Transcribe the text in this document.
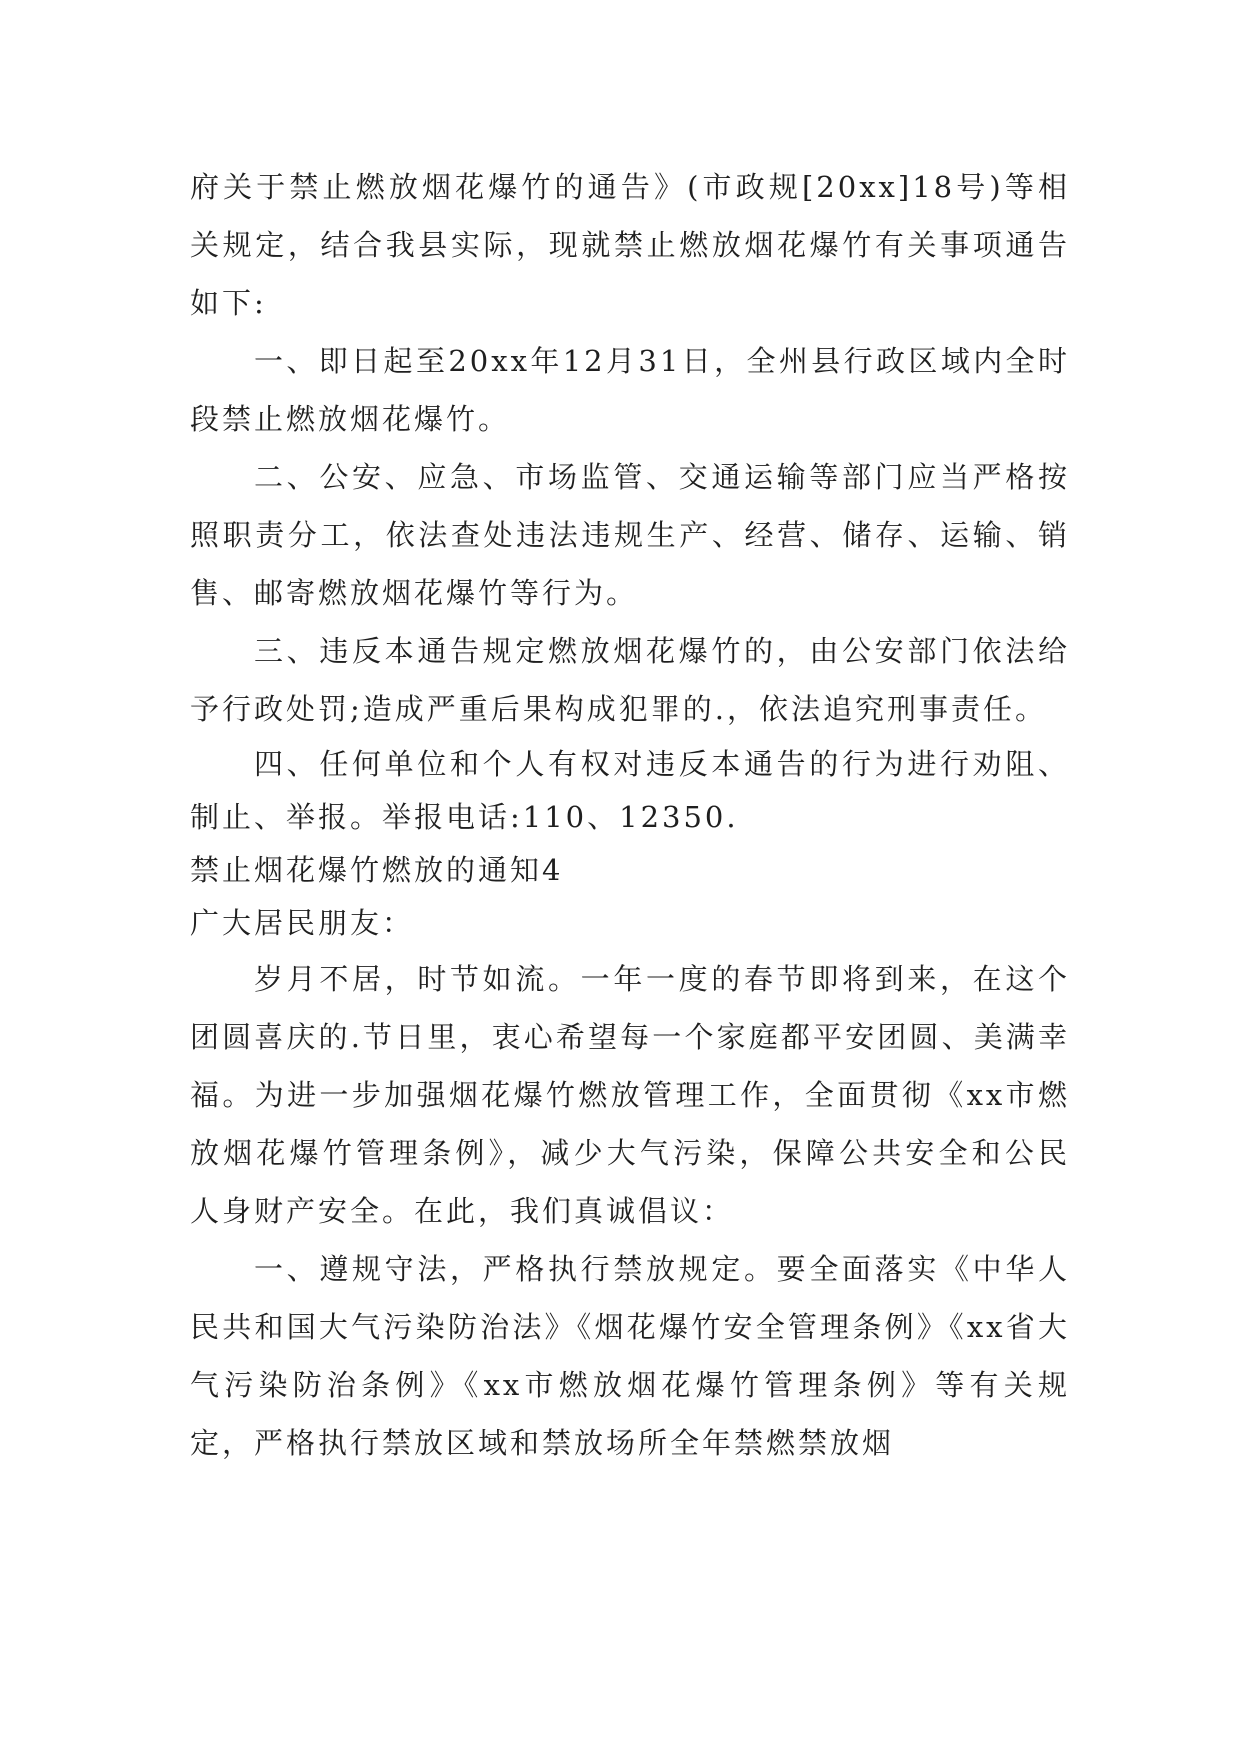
府关于禁止燃放烟花爆竹的通告》(市政规[20xx]18号)等相关规定，结合我县实际，现就禁止燃放烟花爆竹有关事项通告如下:

一、即日起至20xx年12月31日，全州县行政区域内全时段禁止燃放烟花爆竹。

二、公安、应急、市场监管、交通运输等部门应当严格按照职责分工，依法查处违法违规生产、经营、储存、运输、销售、邮寄燃放烟花爆竹等行为。

三、违反本通告规定燃放烟花爆竹的，由公安部门依法给予行政处罚;造成严重后果构成犯罪的.，依法追究刑事责任。

四、任何单位和个人有权对违反本通告的行为进行劝阻、制止、举报。举报电话:110、12350.

禁止烟花爆竹燃放的通知4

广大居民朋友：

岁月不居，时节如流。一年一度的春节即将到来，在这个团圆喜庆的.节日里，衷心希望每一个家庭都平安团圆、美满幸福。为进一步加强烟花爆竹燃放管理工作，全面贯彻《xx市燃放烟花爆竹管理条例》，减少大气污染，保障公共安全和公民人身财产安全。在此，我们真诚倡议：

一、遵规守法，严格执行禁放规定。要全面落实《中华人民共和国大气污染防治法》《烟花爆竹安全管理条例》《xx省大气污染防治条例》《xx市燃放烟花爆竹管理条例》等有关规定，严格执行禁放区域和禁放场所全年禁燃禁放烟
